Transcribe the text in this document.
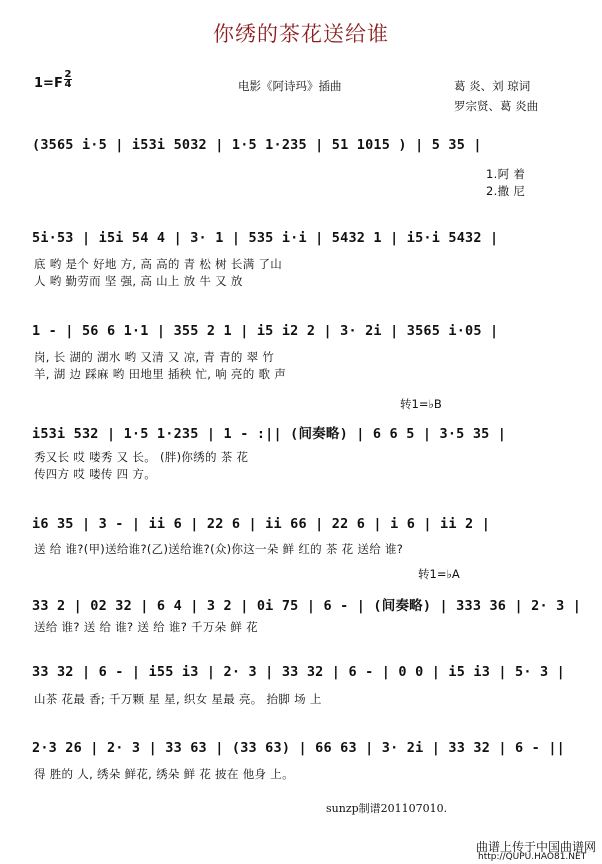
你绣的茶花送给谁
1=F
2
4	电影《阿诗玛》插曲	葛 炎、刘 琼词
罗宗贤、葛 炎曲
(3565 i·5 | i53i 5032 | 1·5 1·235 | 51 1015 ) | 5 35 |
1.阿 着
2.撒 尼
5i·53 | i5i 54 4 | 3· 1 | 535 i·i | 5432 1 | i5·i 5432 |
底 哟 是个 好地 方, 高 高的 青 松 树 长满 了山
人 哟 勤劳而 坚 强, 高 山上 放 牛 又 放
1 - | 56 6 1·1 | 355 2 1 | i5 i2 2 | 3· 2i | 3565 i·05 |
岗, 长 湖的 湖水 哟 又清 又 凉, 青 青的 翠 竹
羊, 湖 边 踩麻 哟 田地里 插秧 忙, 响 亮的 歌 声
转1=♭B
i53i 532 | 1·5 1·235 | 1 - :|| (间奏略) | 6 6 5 | 3·5 35 |
秀又长 哎 喽秀 又 长。 (胖)你绣的 茶 花
传四方 哎 喽传 四 方。
i6 35 | 3 - | ii 6 | 22 6 | ii 66 | 22 6 | i 6 | ii 2 |
送 给 谁?(甲)送给谁?(乙)送给谁?(众)你这一朵 鲜 红的 茶 花 送给 谁?
转1=♭A
33 2 | 02 32 | 6 4 | 3 2 | 0i 75 | 6 - | (间奏略) | 333 36 | 2· 3 |
送给 谁? 送 给 谁? 送 给 谁? 千万朵 鲜 花
33 32 | 6 - | i55 i3 | 2· 3 | 33 32 | 6 - | 0 0 | i5 i3 | 5· 3 |
山茶 花最 香; 千万颗 星 星, 织女 星最 亮。 抬脚 场 上
2·3 26 | 2· 3 | 33 63 | (33 63) | 66 63 | 3· 2i | 33 32 | 6 - ||
得 胜的 人, 绣朵 鲜花, 绣朵 鲜 花 披在 他身 上。
sunzp制谱201107010.
曲谱上传于中国曲谱网
http://QUPU.HAO81.NET
